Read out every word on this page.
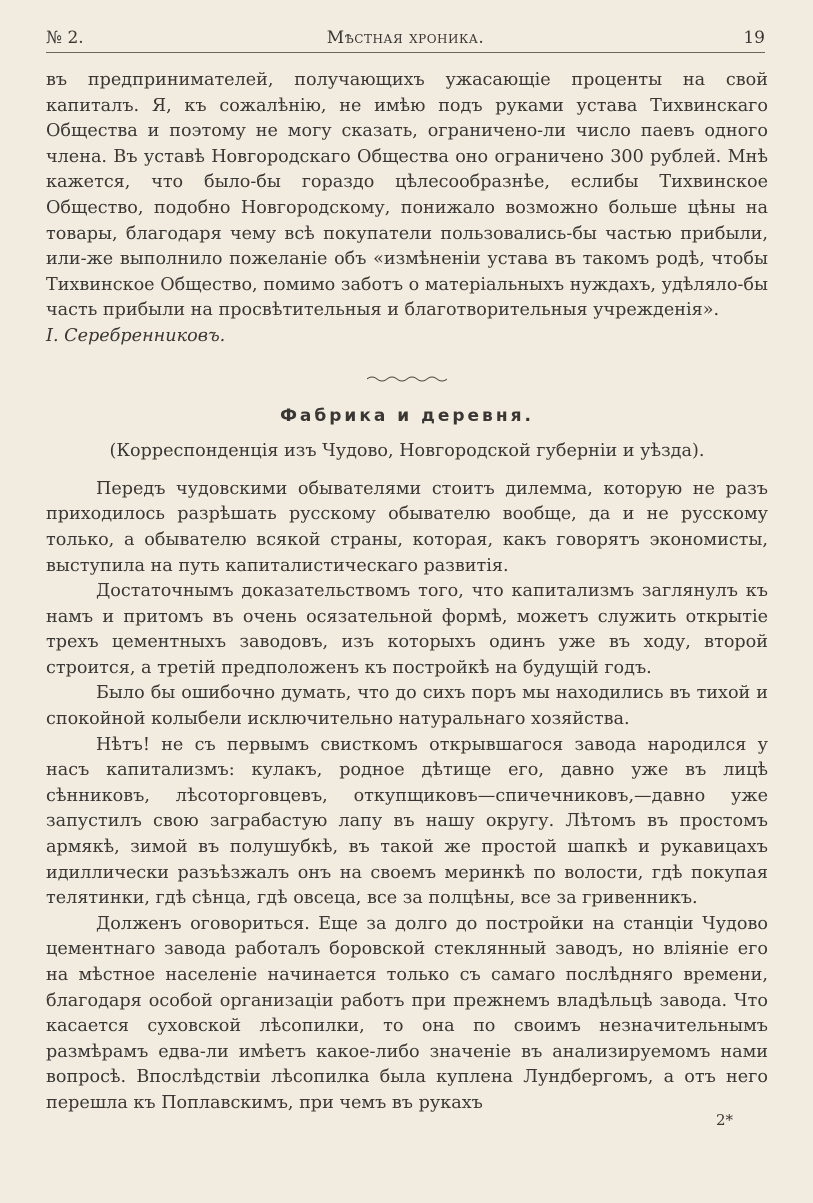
№ 2.	Мѣстная хроника.	19

въ предпринимателей, получающихъ ужасающіе проценты на свой капиталъ. Я, къ сожалѣнію, не имѣю подъ руками устава Тихвинскаго Общества и поэтому не могу сказать, ограничено-ли число паевъ одного члена. Въ уставѣ Новгородскаго Общества оно ограничено 300 рублей. Мнѣ кажется, что было-бы гораздо цѣлесообразнѣе, еслибы Тихвинское Общество, подобно Новгородскому, понижало возможно больше цѣны на товары, благодаря чему всѣ покупатели пользовались-бы частью прибыли, или-же выполнило пожеланіе объ «измѣненіи устава въ такомъ родѣ, чтобы Тихвинское Общество, помимо заботъ о матеріальныхъ нуждахъ, удѣляло-бы часть прибыли на просвѣтительныя и благотворительныя учрежденія».

І. Серебренниковъ.

Фабрика и деревня.
(Корреспонденція изъ Чудово, Новгородской губерніи и уѣзда).

Передъ чудовскими обывателями стоитъ дилемма, которую не разъ приходилось разрѣшать русскому обывателю вообще, да и не русскому только, а обывателю всякой страны, которая, какъ говорятъ экономисты, выступила на путь капиталистическаго развитія.

Достаточнымъ доказательствомъ того, что капитализмъ заглянулъ къ намъ и притомъ въ очень осязательной формѣ, можетъ служить открытіе трехъ цементныхъ заводовъ, изъ которыхъ одинъ уже въ ходу, второй строится, а третій предположенъ къ постройкѣ на будущій годъ.

Было бы ошибочно думать, что до сихъ поръ мы находились въ тихой и спокойной колыбели исключительно натуральнаго хозяйства.

Нѣтъ! не съ первымъ свисткомъ открывшагося завода народился у насъ капитализмъ: кулакъ, родное дѣтище его, давно уже въ лицѣ сѣнниковъ, лѣсоторговцевъ, откупщиковъ—спичечниковъ,—давно уже запустилъ свою заграбастую лапу въ нашу округу. Лѣтомъ въ простомъ армякѣ, зимой въ полушубкѣ, въ такой же простой шапкѣ и рукавицахъ идиллически разъѣзжалъ онъ на своемъ меринкѣ по волости, гдѣ покупая телятинки, гдѣ сѣнца, гдѣ овсеца, все за полцѣны, все за гривенникъ.

Долженъ оговориться. Еще за долго до постройки на станціи Чудово цементнаго завода работалъ боровской стеклянный заводъ, но вліяніе его на мѣстное населеніе начинается только съ самаго послѣдняго времени, благодаря особой организаціи работъ при прежнемъ владѣльцѣ завода. Что касается суховской лѣсопилки, то она по своимъ незначительнымъ размѣрамъ едва-ли имѣетъ какое-либо значеніе въ анализируемомъ нами вопросѣ. Впослѣдствіи лѣсопилка была куплена Лундбергомъ, а отъ него перешла къ Поплавскимъ, при чемъ въ рукахъ

2*
